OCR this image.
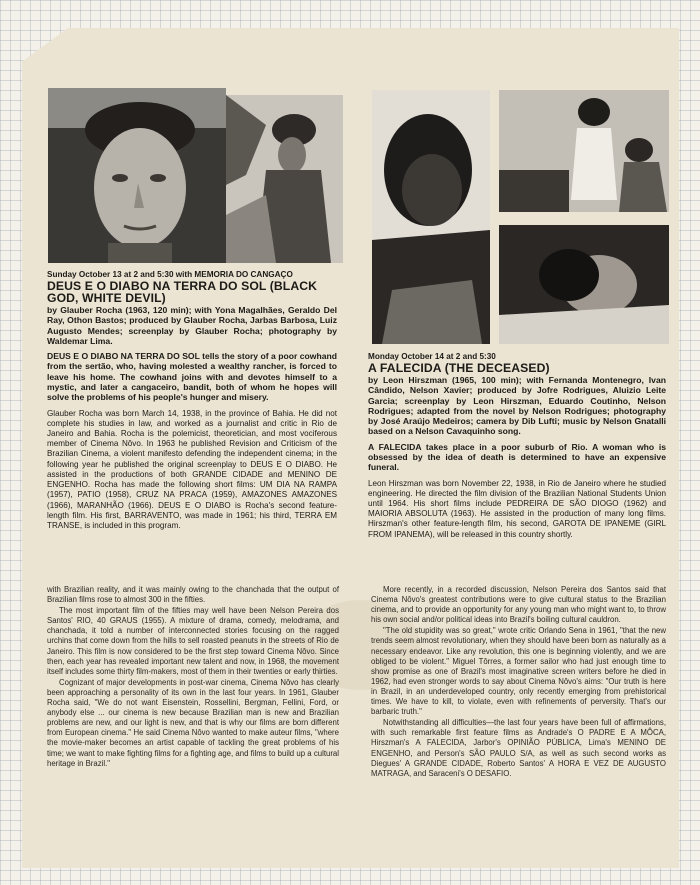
Sunday October 13 at 2 and 5:30 with MEMORIA DO CANGAÇO

DEUS E O DIABO NA TERRA DO SOL (BLACK GOD, WHITE DEVIL)

by Glauber Rocha (1963, 120 min); with Yona Magalhães, Geraldo Del Ray, Othon Bastos; produced by Glauber Rocha, Jarbas Barbosa, Luiz Augusto Mendes; screenplay by Glauber Rocha; photography by Waldemar Lima.

DEUS E O DIABO NA TERRA DO SOL tells the story of a poor cowhand from the sertão, who, having molested a wealthy rancher, is forced to leave his home. The cowhand joins with and devotes himself to a mystic, and later a cangaceiro, bandit, both of whom he hopes will solve the problems of his people's hunger and misery.

Glauber Rocha was born March 14, 1938, in the province of Bahia. He did not complete his studies in law, and worked as a journalist and critic in Rio de Janeiro and Bahia. Rocha is the polemicist, theoretician, and most vociferous member of Cinema Nôvo. In 1963 he published Revision and Criticism of the Brazilian Cinema, a violent manifesto defending the independent cinema; in the following year he published the original screenplay to DEUS E O DIABO. He assisted in the productions of both GRANDE CIDADE and MENINO DE ENGENHO. Rocha has made the following short films: UM DIA NA RAMPA (1957), PATIO (1958), CRUZ NA PRACA (1959), AMAZONES AMAZONES (1966), MARANHÃO (1966). DEUS E O DIABO is Rocha's second feature-length film. His first, BARRAVENTO, was made in 1961; his third, TERRA EM TRANSE, is included in this program.

Monday October 14 at 2 and 5:30

A FALECIDA (THE DECEASED)

by Leon Hirszman (1965, 100 min); with Fernanda Montenegro, Ivan Cândido, Nelson Xavier; produced by Jofre Rodrigues, Aluizio Leite Garcia; screenplay by Leon Hirszman, Eduardo Coutinho, Nelson Rodrigues; adapted from the novel by Nelson Rodrigues; photography by José Araújo Medeiros; camera by Dib Lufti; music by Nelson Gnatalli based on a Nelson Cavaquinho song.

A FALECIDA takes place in a poor suburb of Rio. A woman who is obsessed by the idea of death is determined to have an expensive funeral.

Leon Hirszman was born November 22, 1938, in Rio de Janeiro where he studied engineering. He directed the film division of the Brazilian National Students Union until 1964. His short films include PEDREIRA DE SÃO DIOGO (1962) and MAIORIA ABSOLUTA (1963). He assisted in the production of many long films. Hirszman's other feature-length film, his second, GAROTA DE IPANEME (GIRL FROM IPANEMA), will be released in this country shortly.

with Brazilian reality, and it was mainly owing to the chanchada that the output of Brazilian films rose to almost 300 in the fifties.

The most important film of the fifties may well have been Nelson Pereira dos Santos' RIO, 40 GRAUS (1955). A mixture of drama, comedy, melodrama, and chanchada, it told a number of interconnected stories focusing on the ragged urchins that come down from the hills to sell roasted peanuts in the streets of Rio de Janeiro. This film is now considered to be the first step toward Cinema Nôvo. Since then, each year has revealed important new talent and now, in 1968, the movement itself includes some thirty film-makers, most of them in their twenties or early thirties.

Cognizant of major developments in post-war cinema, Cinema Nôvo has clearly been approaching a personality of its own in the last four years. In 1961, Glauber Rocha said, "We do not want Eisenstein, Rossellini, Bergman, Fellini, Ford, or anybody else ... our cinema is new because Brazilian man is new and Brazilian problems are new, and our light is new, and that is why our films are born different from European cinema." He said Cinema Nôvo wanted to make auteur films, "where the movie-maker becomes an artist capable of tackling the great problems of his time; we want to make fighting films for a fighting age, and films to build up a cultural heritage in Brazil."

More recently, in a recorded discussion, Nelson Pereira dos Santos said that Cinema Nôvo's greatest contributions were to give cultural status to the Brazilian cinema, and to provide an opportunity for any young man who might want to, to throw his own social and/or political ideas into Brazil's boiling cultural cauldron.

"The old stupidity was so great," wrote critic Orlando Sena in 1961, "that the new trends seem almost revolutionary, when they should have been born as naturally as a necessary endeavor. Like any revolution, this one is beginning violently, and we are obliged to be violent." Miguel Tôrres, a former sailor who had just enough time to show promise as one of Brazil's most imaginative screen writers before he died in 1962, had even stronger words to say about Cinema Nôvo's aims: "Our truth is here in Brazil, in an underdeveloped country, only recently emerging from prehistorical times. We have to kill, to violate, even with refinements of perversity. That's our barbaric truth."

Notwithstanding all difficulties—the last four years have been full of affirmations, with such remarkable first feature films as Andrade's O PADRE E A MÔCA, Hirszman's A FALECIDA, Jarbor's OPINIÃO PÚBLICA, Lima's MENINO DE ENGENHO, and Person's SÃO PAULO S/A, as well as such second works as Diegues' A GRANDE CIDADE, Roberto Santos' A HORA E VEZ DE AUGUSTO MATRAGA, and Saraceni's O DESAFIO.
